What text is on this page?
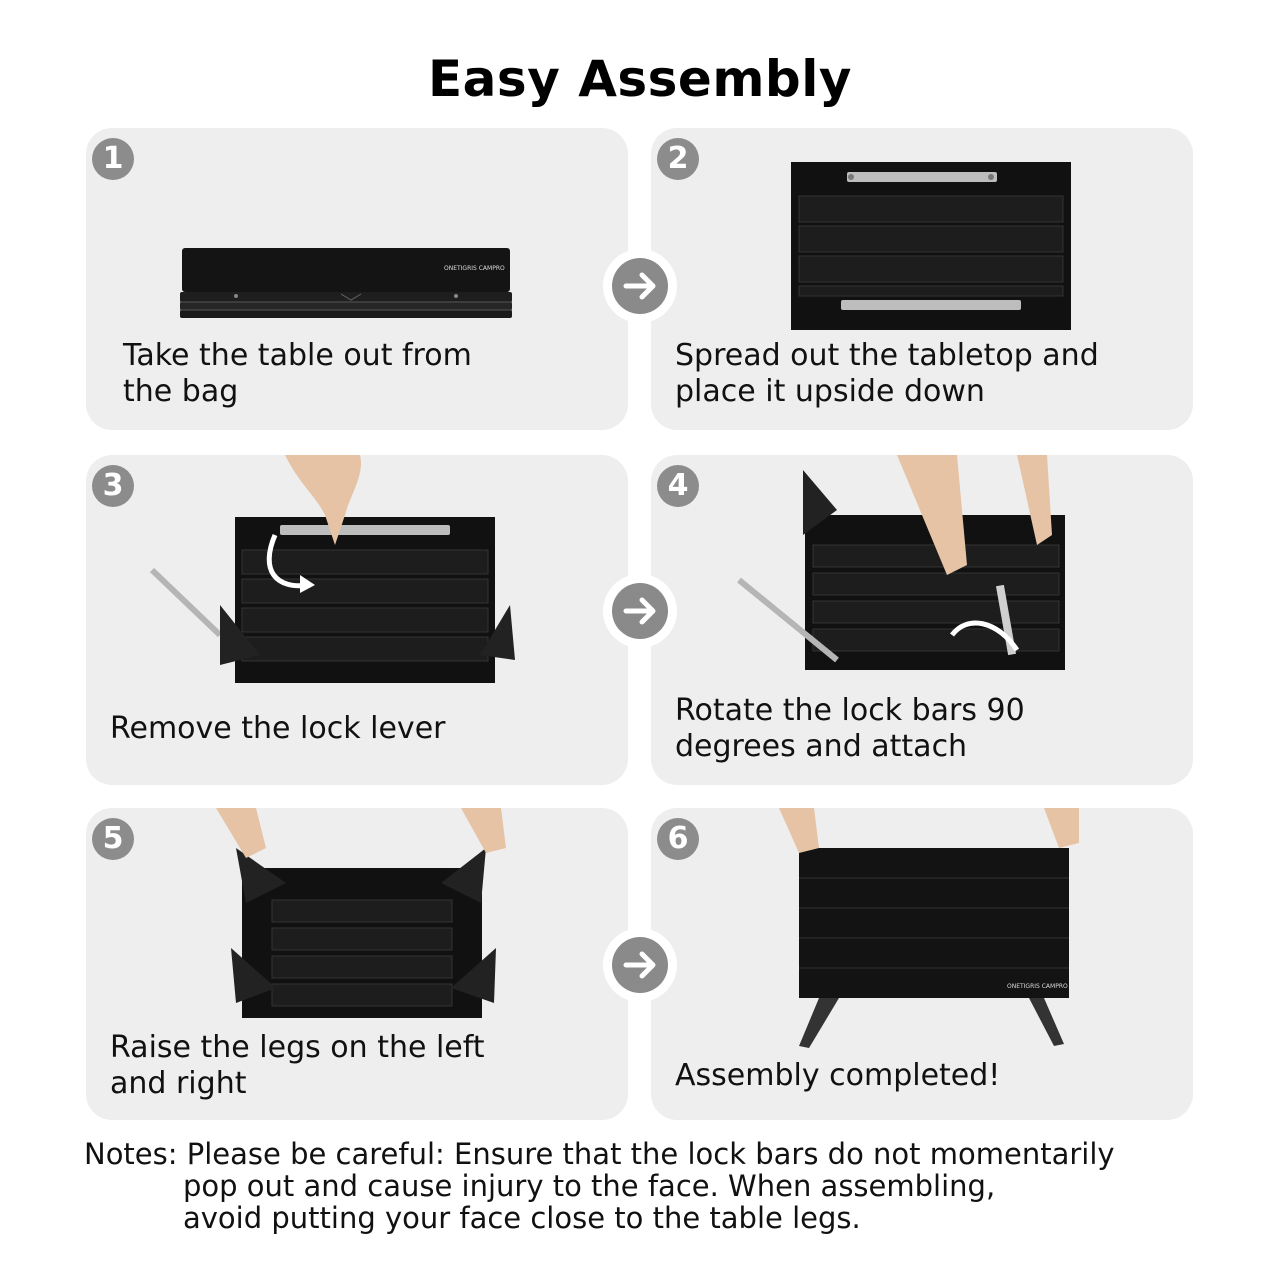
Easy Assembly
1
ONETIGRIS CAMPRO
Take the table out from
the bag
2
Spread out the tabletop and
place it upside down
3
Remove the lock lever
4
Rotate the lock bars 90
degrees and attach
5
Raise the legs on the left
and right
6
ONETIGRIS CAMPRO
Assembly completed!
Notes: Please be careful: Ensure that the lock bars do not momentarily
pop out and cause injury to the face. When assembling,
avoid putting your face close to the table legs.
